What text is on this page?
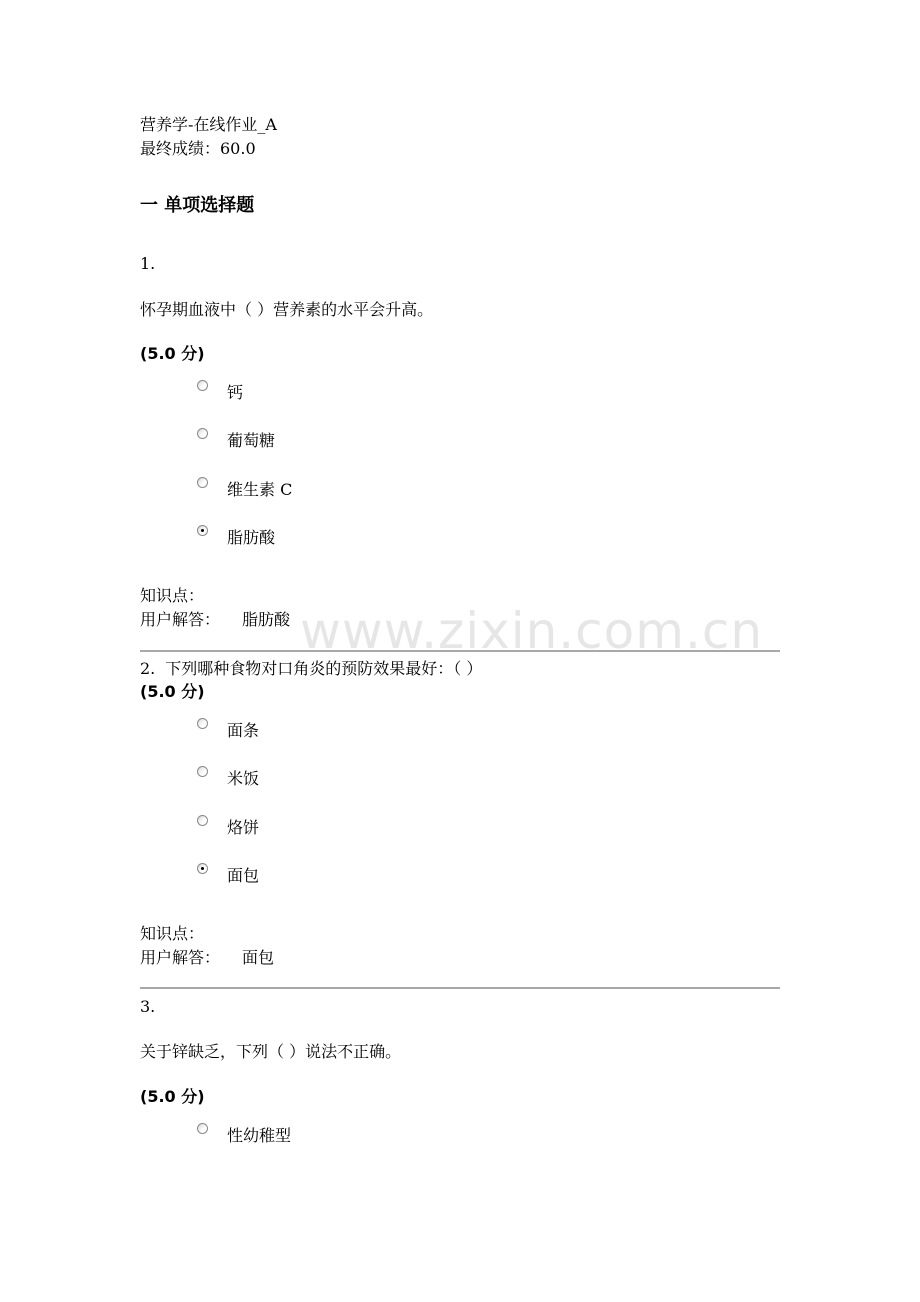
www.zixin.com.cn
营养学-在线作业_A
最终成绩：60.0
一 单项选择题
1.
怀孕期血液中（ ）营养素的水平会升高。
(5.0 分)
钙
葡萄糖
维生素 C
脂肪酸
知识点：
用户解答： 脂肪酸
2. 下列哪种食物对口角炎的预防效果最好：（ ）
(5.0 分)
面条
米饭
烙饼
面包
知识点：
用户解答： 面包
3.
关于锌缺乏，下列（ ）说法不正确。
(5.0 分)
性幼稚型
